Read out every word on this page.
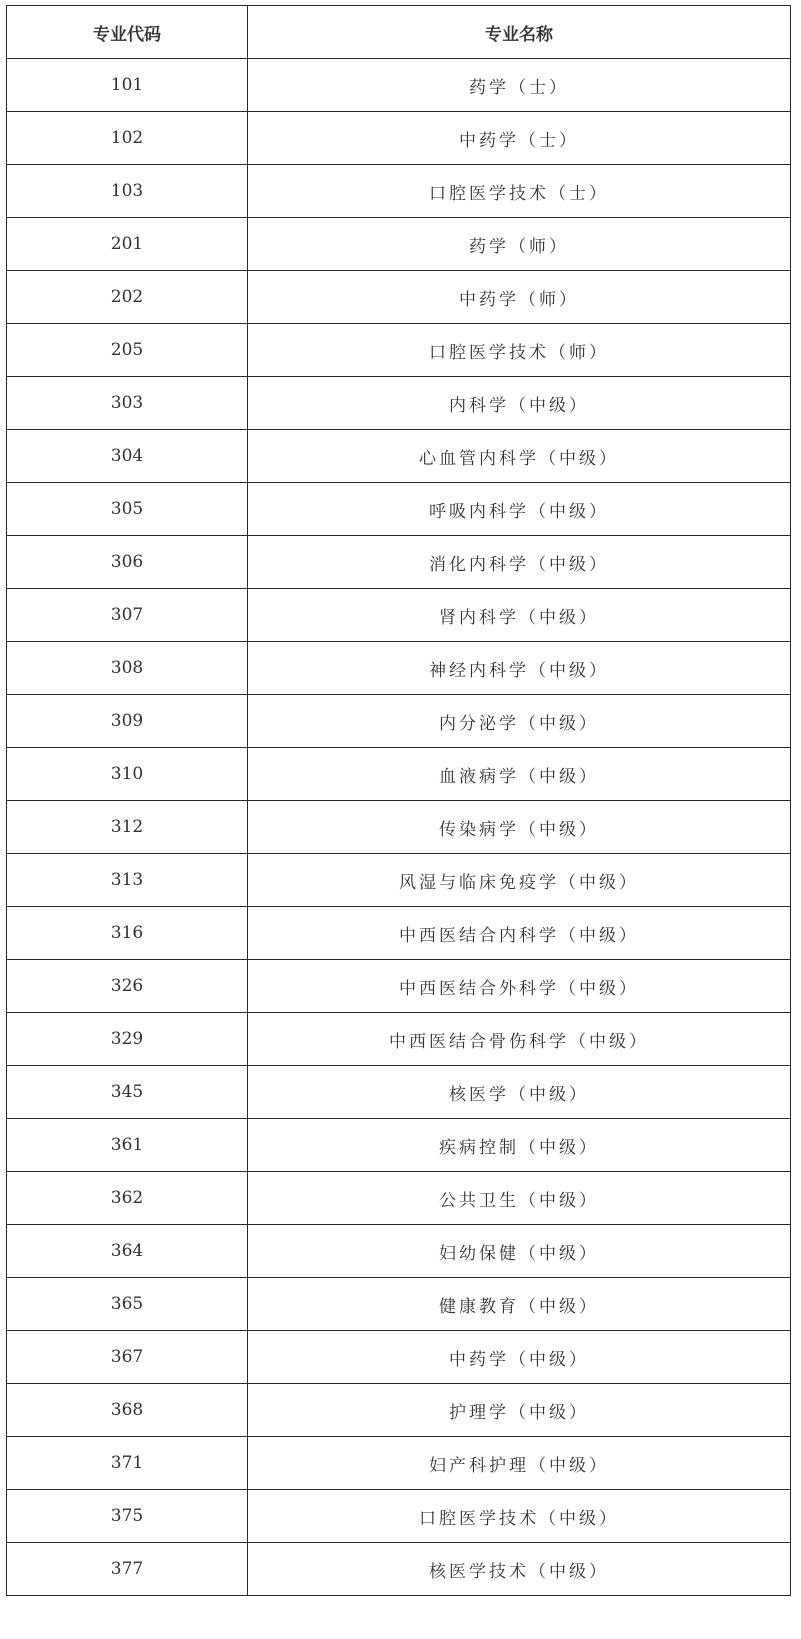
专业代码	专业名称
101	药学（士）
102	中药学（士）
103	口腔医学技术（士）
201	药学（师）
202	中药学（师）
205	口腔医学技术（师）
303	内科学（中级）
304	心血管内科学（中级）
305	呼吸内科学（中级）
306	消化内科学（中级）
307	肾内科学（中级）
308	神经内科学（中级）
309	内分泌学（中级）
310	血液病学（中级）
312	传染病学（中级）
313	风湿与临床免疫学（中级）
316	中西医结合内科学（中级）
326	中西医结合外科学（中级）
329	中西医结合骨伤科学（中级）
345	核医学（中级）
361	疾病控制（中级）
362	公共卫生（中级）
364	妇幼保健（中级）
365	健康教育（中级）
367	中药学（中级）
368	护理学（中级）
371	妇产科护理（中级）
375	口腔医学技术（中级）
377	核医学技术（中级）
